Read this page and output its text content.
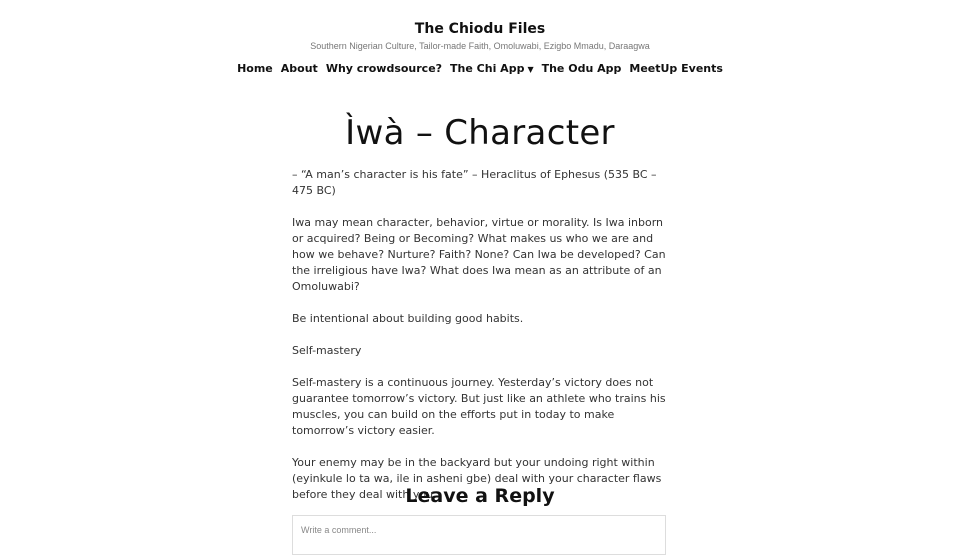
The Chiodu Files
Southern Nigerian Culture, Tailor-made Faith, Omoluwabi, Ezigbo Mmadu, Daraagwa
Home About Why crowdsource? The Chi App ▼ The Odu App MeetUp Events
Ìwà – Character

– “A man’s character is his fate” – Heraclitus of Ephesus (535 BC – 475 BC)

Iwa may mean character, behavior, virtue or morality. Is Iwa inborn or acquired? Being or Becoming? What makes us who we are and how we behave? Nurture? Faith? None? Can Iwa be developed? Can the irreligious have Iwa? What does Iwa mean as an attribute of an Omoluwabi?

Be intentional about building good habits.

Self-mastery

Self-mastery is a continuous journey. Yesterday’s victory does not guarantee tomorrow’s victory. But just like an athlete who trains his muscles, you can build on the efforts put in today to make tomorrow’s victory easier.

Your enemy may be in the backyard but your undoing right within (eyinkule lo ta wa, ile in asheni gbe) deal with your character flaws before they deal with you.

Leave a Reply
Write a comment...
